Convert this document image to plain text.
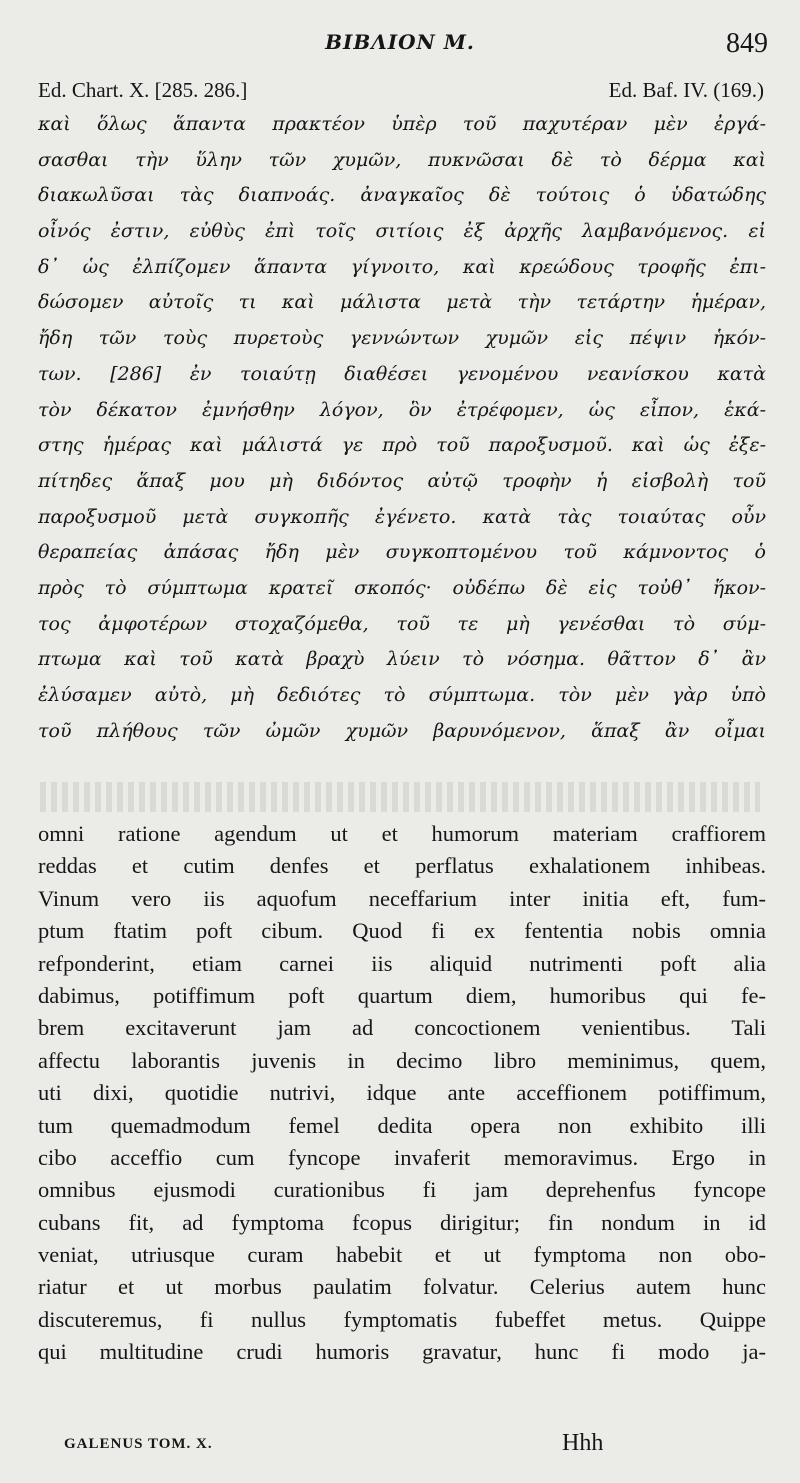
ΒΙΒΛΙΟΝ Μ.	849
Ed. Chart. X. [285. 286.]	Ed. Baf. IV. (169.)
καὶ ὅλως ἅπαντα πρακτέον ὑπὲρ τοῦ παχυτέραν μὲν ἐργά-
σασθαι τὴν ὕλην τῶν χυμῶν, πυκνῶσαι δὲ τὸ δέρμα καὶ
διακωλῦσαι τὰς διαπνοάς. ἀναγκαῖος δὲ τούτοις ὁ ὑδατώδης
οἶνός ἐστιν, εὐθὺς ἐπὶ τοῖς σιτίοις ἐξ ἀρχῆς λαμβανόμενος. εἰ
δ᾽ ὡς ἐλπίζομεν ἅπαντα γίγνοιτο, καὶ κρεώδους τροφῆς ἐπι-
δώσομεν αὐτοῖς τι καὶ μάλιστα μετὰ τὴν τετάρτην ἡμέραν,
ἤδη τῶν τοὺς πυρετοὺς γεννώντων χυμῶν εἰς πέψιν ἡκόν-
των. [286] ἐν τοιαύτῃ διαθέσει γενομένου νεανίσκου κατὰ
τὸν δέκατον ἐμνήσθην λόγον, ὃν ἐτρέφομεν, ὡς εἶπον, ἑκά-
στης ἡμέρας καὶ μάλιστά γε πρὸ τοῦ παροξυσμοῦ. καὶ ὡς ἐξε-
πίτηδες ἅπαξ μου μὴ διδόντος αὐτῷ τροφὴν ἡ εἰσβολὴ τοῦ
παροξυσμοῦ μετὰ συγκοπῆς ἐγένετο. κατὰ τὰς τοιαύτας οὖν
θεραπείας ἁπάσας ἤδη μὲν συγκοπτομένου τοῦ κάμνοντος ὁ
πρὸς τὸ σύμπτωμα κρατεῖ σκοπός· οὐδέπω δὲ εἰς τοὐθ᾽ ἥκον-
τος ἀμφοτέρων στοχαζόμεθα, τοῦ τε μὴ γενέσθαι τὸ σύμ-
πτωμα καὶ τοῦ κατὰ βραχὺ λύειν τὸ νόσημα. θᾶττον δ᾽ ἂν
ἐλύσαμεν αὐτὸ, μὴ δεδιότες τὸ σύμπτωμα. τὸν μὲν γὰρ ὑπὸ
τοῦ πλήθους τῶν ὠμῶν χυμῶν βαρυνόμενον, ἅπαξ ἂν οἶμαι
omni ratione agendum ut et humorum materiam craffiorem
reddas et cutim denfes et perflatus exhalationem inhibeas.
Vinum vero iis aquofum neceffarium inter initia eft, fum-
ptum ftatim poft cibum. Quod fi ex fententia nobis omnia
refponderint, etiam carnei iis aliquid nutrimenti poft alia
dabimus, potiffimum poft quartum diem, humoribus qui fe-
brem excitaverunt jam ad concoctionem venientibus. Tali
affectu laborantis juvenis in decimo libro meminimus, quem,
uti dixi, quotidie nutrivi, idque ante acceffionem potiffimum,
tum quemadmodum femel dedita opera non exhibito illi
cibo acceffio cum fyncope invaferit memoravimus. Ergo in
omnibus ejusmodi curationibus fi jam deprehenfus fyncope
cubans fit, ad fymptoma fcopus dirigitur; fin nondum in id
veniat, utriusque curam habebit et ut fymptoma non obo-
riatur et ut morbus paulatim folvatur. Celerius autem hunc
discuteremus, fi nullus fymptomatis fubeffet metus. Quippe
qui multitudine crudi humoris gravatur, hunc fi modo ja-
GALENUS TOM. X.	Hhh
